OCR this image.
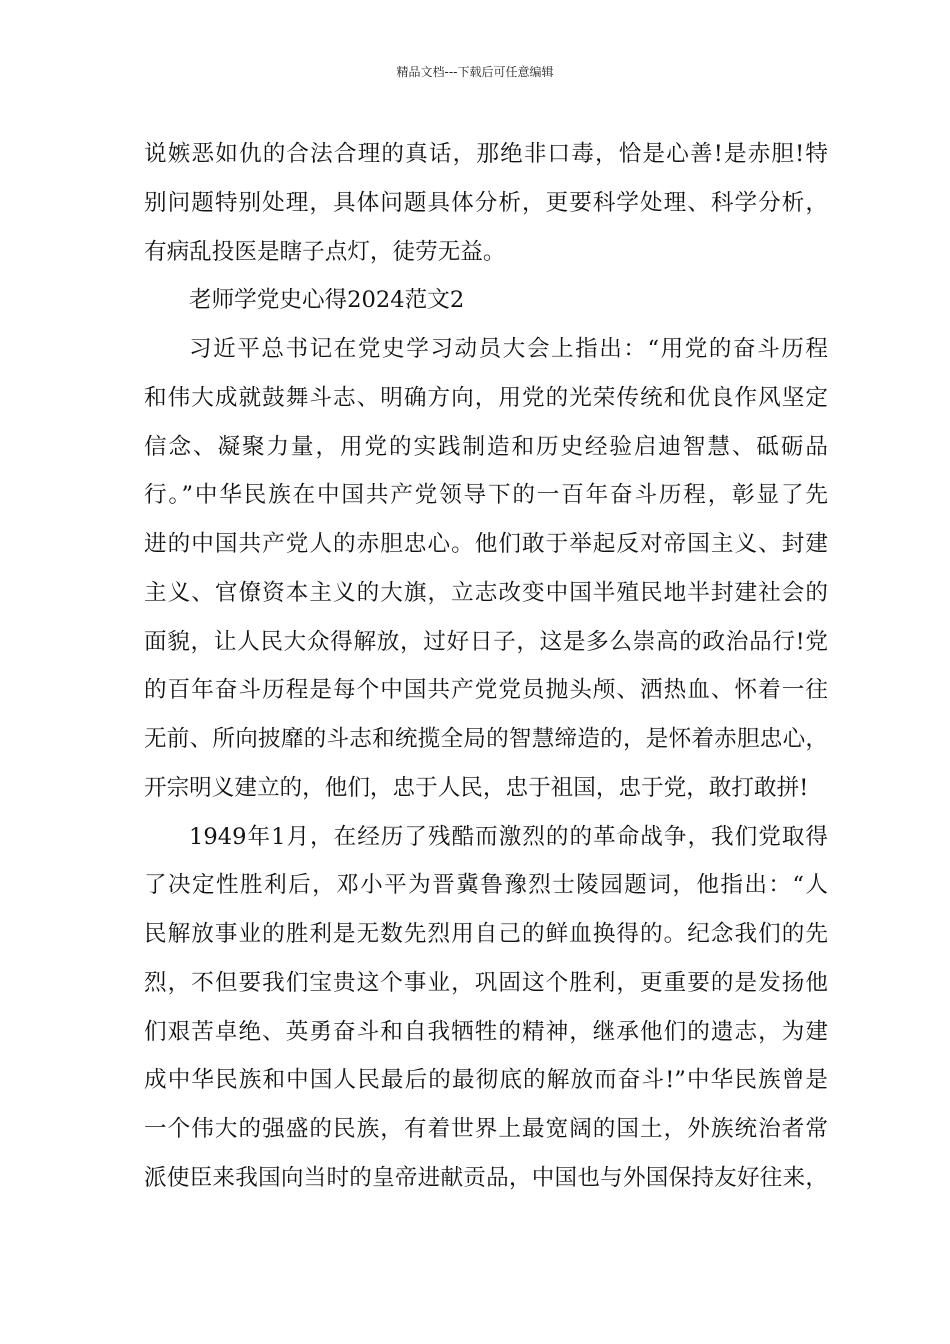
精品文档---下载后可任意编辑
说嫉恶如仇的合法合理的真话，那绝非口毒，恰是心善!是赤胆!特
别问题特别处理，具体问题具体分析，更要科学处理、科学分析，
有病乱投医是瞎子点灯，徒劳无益。
老师学党史心得2024范文2
习近平总书记在党史学习动员大会上指出：“用党的奋斗历程
和伟大成就鼓舞斗志、明确方向，用党的光荣传统和优良作风坚定
信念、凝聚力量，用党的实践制造和历史经验启迪智慧、砥砺品
行。”中华民族在中国共产党领导下的一百年奋斗历程，彰显了先
进的中国共产党人的赤胆忠心。他们敢于举起反对帝国主义、封建
主义、官僚资本主义的大旗，立志改变中国半殖民地半封建社会的
面貌，让人民大众得解放，过好日子，这是多么崇高的政治品行!党
的百年奋斗历程是每个中国共产党党员抛头颅、洒热血、怀着一往
无前、所向披靡的斗志和统揽全局的智慧缔造的，是怀着赤胆忠心，
开宗明义建立的，他们，忠于人民，忠于祖国，忠于党，敢打敢拼!
1949年1月，在经历了残酷而激烈的的革命战争，我们党取得
了决定性胜利后，邓小平为晋冀鲁豫烈士陵园题词，他指出：“人
民解放事业的胜利是无数先烈用自己的鲜血换得的。纪念我们的先
烈，不但要我们宝贵这个事业，巩固这个胜利，更重要的是发扬他
们艰苦卓绝、英勇奋斗和自我牺牲的精神，继承他们的遗志，为建
成中华民族和中国人民最后的最彻底的解放而奋斗!”中华民族曾是
一个伟大的强盛的民族，有着世界上最宽阔的国土，外族统治者常
派使臣来我国向当时的皇帝进献贡品，中国也与外国保持友好往来，
